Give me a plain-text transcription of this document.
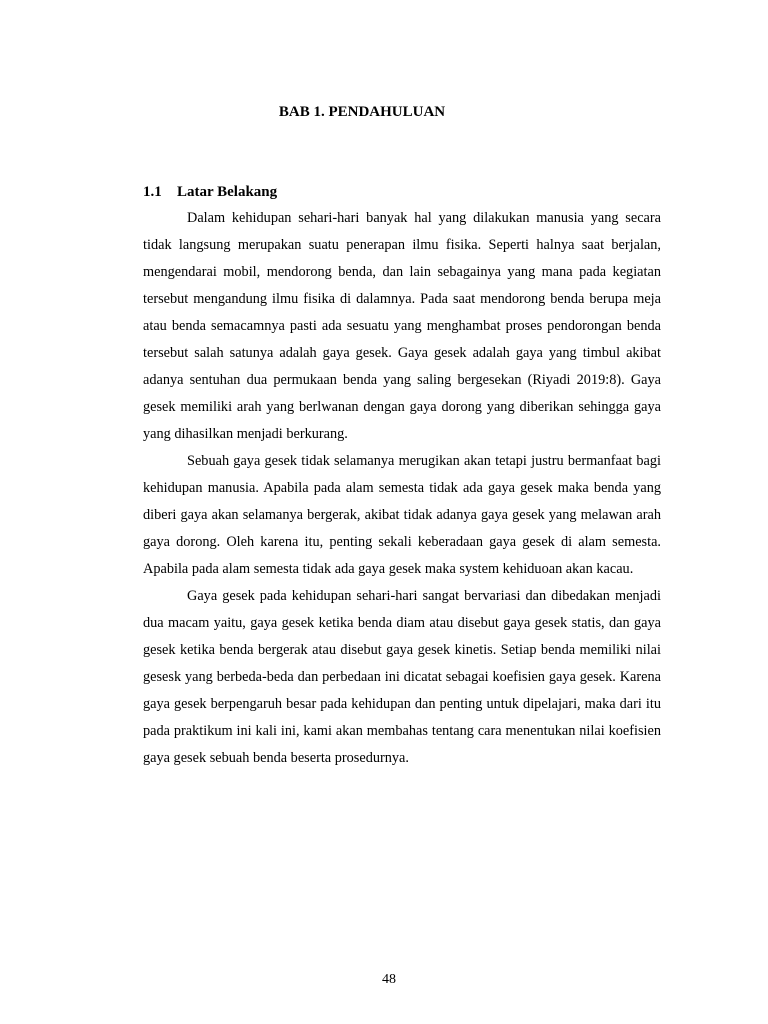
BAB 1. PENDAHULUAN
1.1 Latar Belakang

Dalam kehidupan sehari-hari banyak hal yang dilakukan manusia yang secara tidak langsung merupakan suatu penerapan ilmu fisika. Seperti halnya saat berjalan, mengendarai mobil, mendorong benda, dan lain sebagainya yang mana pada kegiatan tersebut mengandung ilmu fisika di dalamnya. Pada saat mendorong benda berupa meja atau benda semacamnya pasti ada sesuatu yang menghambat proses pendorongan benda tersebut salah satunya adalah gaya gesek. Gaya gesek adalah gaya yang timbul akibat adanya sentuhan dua permukaan benda yang saling bergesekan (Riyadi 2019:8). Gaya gesek memiliki arah yang berlwanan dengan gaya dorong yang diberikan sehingga gaya yang dihasilkan menjadi berkurang.

Sebuah gaya gesek tidak selamanya merugikan akan tetapi justru bermanfaat bagi kehidupan manusia. Apabila pada alam semesta tidak ada gaya gesek maka benda yang diberi gaya akan selamanya bergerak, akibat tidak adanya gaya gesek yang melawan arah gaya dorong. Oleh karena itu, penting sekali keberadaan gaya gesek di alam semesta. Apabila pada alam semesta tidak ada gaya gesek maka system kehiduoan akan kacau.

Gaya gesek pada kehidupan sehari-hari sangat bervariasi dan dibedakan menjadi dua macam yaitu, gaya gesek ketika benda diam atau disebut gaya gesek statis, dan gaya gesek ketika benda bergerak atau disebut gaya gesek kinetis. Setiap benda memiliki nilai gesesk yang berbeda-beda dan perbedaan ini dicatat sebagai koefisien gaya gesek. Karena gaya gesek berpengaruh besar pada kehidupan dan penting untuk dipelajari, maka dari itu pada praktikum ini kali ini, kami akan membahas tentang cara menentukan nilai koefisien gaya gesek sebuah benda beserta prosedurnya.

48
